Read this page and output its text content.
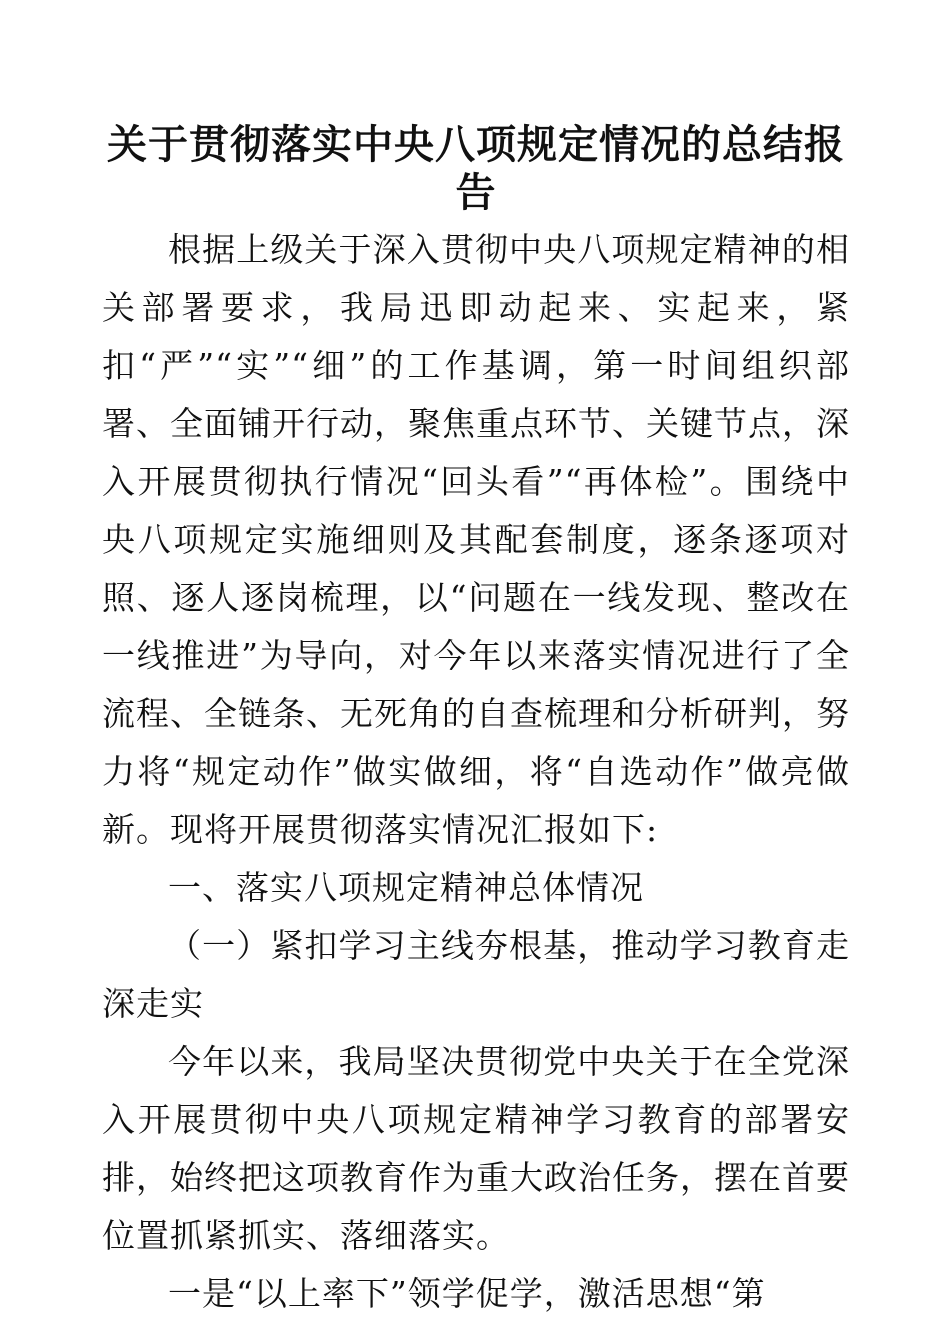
关于贯彻落实中央八项规定情况的总结报告

根据上级关于深入贯彻中央八项规定精神的相关部署要求，我局迅即动起来、实起来，紧扣“严”“实”“细”的工作基调，第一时间组织部署、全面铺开行动，聚焦重点环节、关键节点，深入开展贯彻执行情况“回头看”“再体检”。围绕中央八项规定实施细则及其配套制度，逐条逐项对照、逐人逐岗梳理，以“问题在一线发现、整改在一线推进”为导向，对今年以来落实情况进行了全流程、全链条、无死角的自查梳理和分析研判，努力将“规定动作”做实做细，将“自选动作”做亮做新。现将开展贯彻落实情况汇报如下:

一、落实八项规定精神总体情况

（一）紧扣学习主线夯根基，推动学习教育走深走实

今年以来，我局坚决贯彻党中央关于在全党深入开展贯彻中央八项规定精神学习教育的部署安排，始终把这项教育作为重大政治任务，摆在首要位置抓紧抓实、落细落实。

一是“以上率下”领学促学，激活思想“第
